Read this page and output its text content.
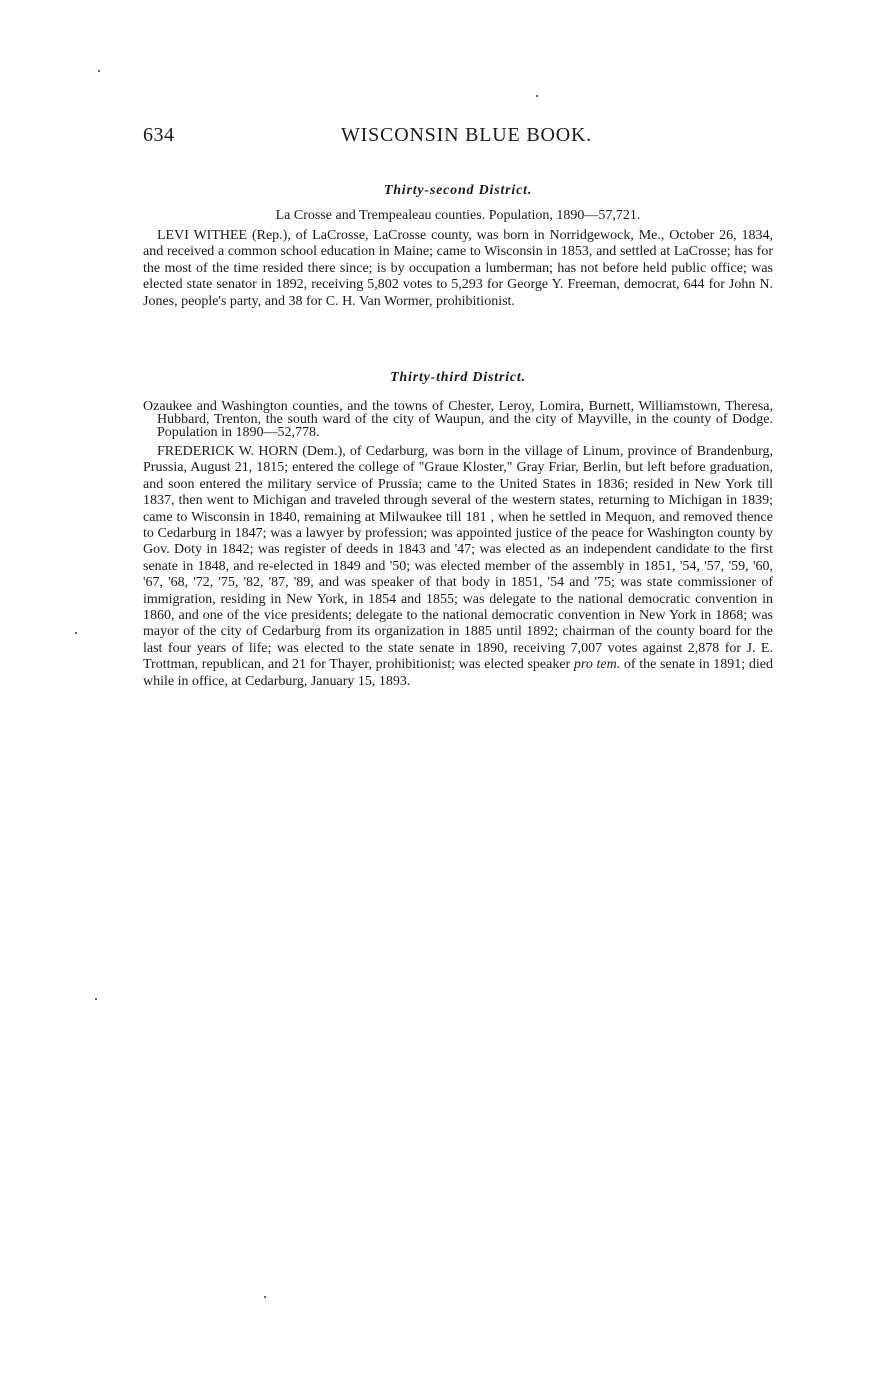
634	WISCONSIN BLUE BOOK.

Thirty-second District.

La Crosse and Trempealeau counties. Population, 1890—57,721.

LEVI WITHEE (Rep.), of LaCrosse, LaCrosse county, was born in Norridgewock, Me., October 26, 1834, and received a common school education in Maine; came to Wisconsin in 1853, and settled at LaCrosse; has for the most of the time resided there since; is by occupation a lumberman; has not before held public office; was elected state senator in 1892, receiving 5,802 votes to 5,293 for George Y. Freeman, democrat, 644 for John N. Jones, people's party, and 38 for C. H. Van Wormer, prohibitionist.

Thirty-third District.

Ozaukee and Washington counties, and the towns of Chester, Leroy, Lomira, Burnett, Williamstown, Theresa, Hubbard, Trenton, the south ward of the city of Waupun, and the city of Mayville, in the county of Dodge. Population in 1890—52,778.

FREDERICK W. HORN (Dem.), of Cedarburg, was born in the village of Linum, province of Brandenburg, Prussia, August 21, 1815; entered the college of "Graue Kloster," Gray Friar, Berlin, but left before graduation, and soon entered the military service of Prussia; came to the United States in 1836; resided in New York till 1837, then went to Michigan and traveled through several of the western states, returning to Michigan in 1839; came to Wisconsin in 1840, remaining at Milwaukee till 181 , when he settled in Mequon, and removed thence to Cedarburg in 1847; was a lawyer by profession; was appointed justice of the peace for Washington county by Gov. Doty in 1842; was register of deeds in 1843 and '47; was elected as an independent candidate to the first senate in 1848, and re-elected in 1849 and '50; was elected member of the assembly in 1851, '54, '57, '59, '60, '67, '68, '72, '75, '82, '87, '89, and was speaker of that body in 1851, '54 and '75; was state commissioner of immigration, residing in New York, in 1854 and 1855; was delegate to the national democratic convention in 1860, and one of the vice presidents; delegate to the national democratic convention in New York in 1868; was mayor of the city of Cedarburg from its organization in 1885 until 1892; chairman of the county board for the last four years of life; was elected to the state senate in 1890, receiving 7,007 votes against 2,878 for J. E. Trottman, republican, and 21 for Thayer, prohibitionist; was elected speaker pro tem. of the senate in 1891; died while in office, at Cedarburg, January 15, 1893.
